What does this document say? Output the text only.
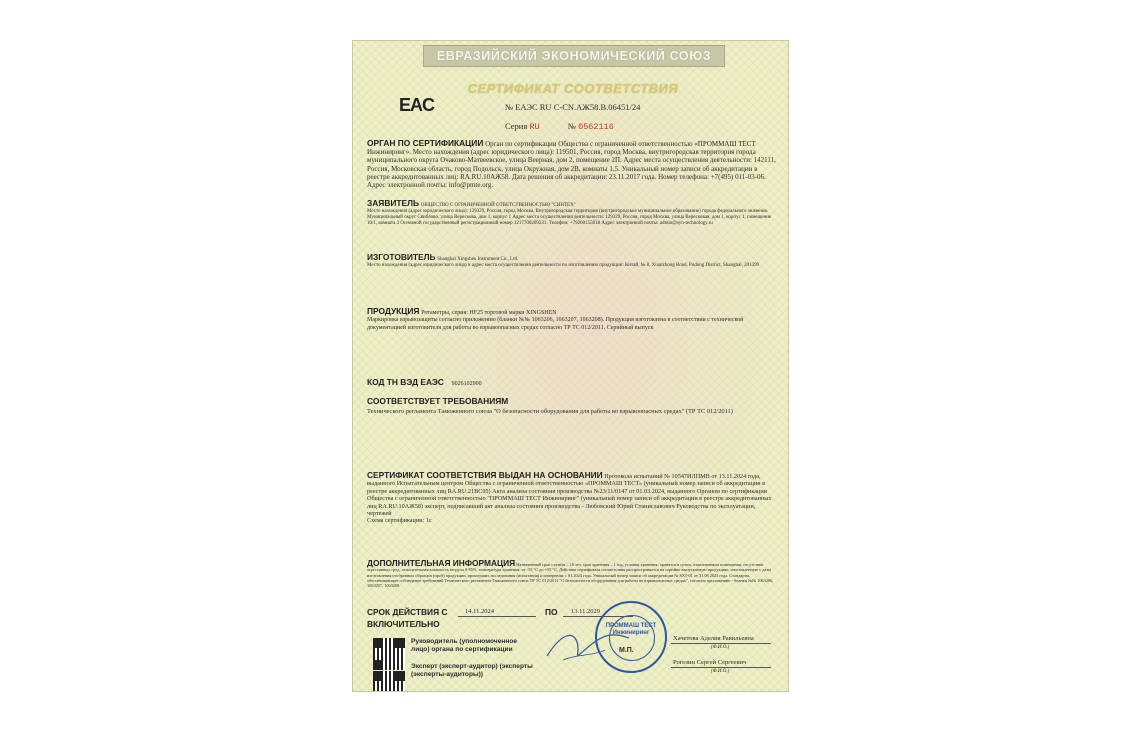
ЕВРАЗИЙСКИЙ ЭКОНОМИЧЕСКИЙ СОЮЗ
СЕРТИФИКАТ СООТВЕТСТВИЯ
EAC	№ ЕАЭС RU C-CN.АЖ58.В.06451/24
Серия RU	№ 0562116
ОРГАН ПО СЕРТИФИКАЦИИ Орган по сертификации Общества с ограниченной ответственностью «ПРОММАШ ТЕСТ Инжиниринг». Место нахождения (адрес юридического лица): 119501, Россия, город Москва, внутригородская территория города муниципального округа Очаково-Матвеевское, улица Веерная, дом 2, помещение 2П. Адрес места осуществления деятельности: 142111, Россия, Московская область, город Подольск, улица Окружная, дом 2В, комнаты 1,5. Уникальный номер записи об аккредитации в реестре аккредитованных лиц: RA.RU.10АЖ58. Дата решения об аккредитации: 23.11.2017 года. Номер телефона: +7(495) 011-03-06. Адрес электронной почты: info@pmte.org.
ЗАЯВИТЕЛЬ ОБЩЕСТВО С ОГРАНИЧЕННОЙ ОТВЕТСТВЕННОСТЬЮ "СИНТЕХ"
Место нахождения (адрес юридического лица): 129329, Россия, город Москва, Внутригородская территория (внутригородское муниципальное образование) города федерального значения. Муниципальный округ Свиблово, улица Верескова, дом 1, корпус 1 Адрес места осуществления деятельности: 129329, Россия, город Москва, улица Вересковая, дом 1, корпус 1, помещение 10/1, комната 3 Основной государственный регистрационный номер 1217700209231. Телефон: +79260155018 Адрес электронной почты: admin@syn-technology.ru
ИЗГОТОВИТЕЛЬ Shanghai Xingshen Instrument Co., Ltd.
Место нахождения (адрес юридического лица) и адрес места осуществления деятельности по изготовлению продукции: Китай, № 8, Xuanzhong Road, Pudong District, Shanghai, 201399
ПРОДУКЦИЯ Ротаметры, серия: HF25 торговой марки XINGSHEN
Маркировка взрывозащиты согласно приложению (бланки №№ 1063206, 1063207, 1063208). Продукция изготовлена в соответствии с технической документацией изготовителя для работы во взрывоопасных средах согласно ТР ТС 012/2011. Серийный выпуск
КОД ТН ВЭД ЕАЭС 9026102900
СООТВЕТСТВУЕТ ТРЕБОВАНИЯМ
Технического регламента Таможенного союза "О безопасности оборудования для работы во взрывоопасных средах" (ТР ТС 012/2011)
СЕРТИФИКАТ СООТВЕТСТВИЯ ВЫДАН НА ОСНОВАНИИ Протокола испытаний № 10547ИЛПМВ от 13.11.2024 года, выданного Испытательным центром Общества с ограниченной ответственностью «ПРОММАШ ТЕСТ» (уникальный номер записи об аккредитации в реестре аккредитованных лиц RA.RU.21ВС05) Акта анализа состояния производства №23/11/0147 от 01.03.2024, выданного Органом по сертификации Общества с ограниченной ответственностью "ПРОММАШ ТЕСТ Инжиниринг" (уникальный номер записи об аккредитации в реестре аккредитованных лиц RA.RU.10АЖ58) эксперт, подписавший акт анализа состояния производства - Любовский Юрий Станиславович Руководства по эксплуатации, чертежей
Схема сертификации: 1с
ДОПОЛНИТЕЛЬНАЯ ИНФОРМАЦИЯ Назначенный срок службы – 10 лет, срок хранения – 1 год, условия хранения: хранятся в сухом, отапливаемом помещении, отсутствие агрессивных сред, относительная влажность воздуха 0-85%, температура хранения: от -55 °С до +55 °С. Действие сертификата соответствия распространяется на серийно выпускаемую продукцию, изготовленную с даты изготовления отобранных образцов (проб) продукции, прошедших исследования (испытания) и измерения: с 01.2024 года. Уникальный номер записи об аккредитации № SX5-01 от 31.08.2023 года. Стандарты, обеспечивающие соблюдение требований Технического регламента Таможенного союза ТР ТС 012/2011 "О безопасности оборудования для работы во взрывоопасных средах", согласно приложению - бланки №№ 1063206, 1063207, 1063208.
СРОК ДЕЙСТВИЯ С	14.11.2024	ПО 13.11.2029
ВКЛЮЧИТЕЛЬНО
Руководитель (уполномоченное лицо) органа по сертификации
Эксперт (эксперт-аудитор) (эксперты (эксперты-аудиторы))
ПРОММАШ ТЕСТ Инжиниринг
М.П.
Хачетова Аделия Равильевна
(Ф.И.О.)
Рогозин Сергей Сергеевич
(Ф.И.О.)
